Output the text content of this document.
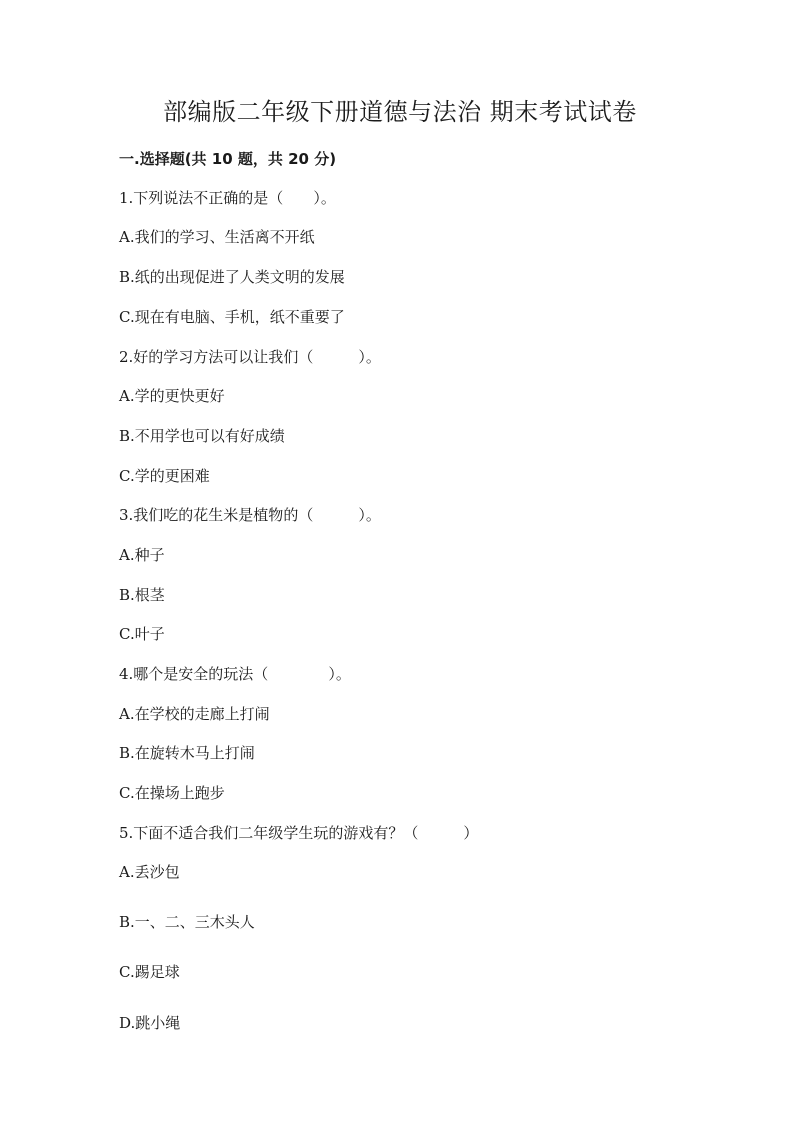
部编版二年级下册道德与法治 期末考试试卷
一.选择题(共 10 题，共 20 分)
1.下列说法不正确的是（　　）。
A.我们的学习、生活离不开纸
B.纸的出现促进了人类文明的发展
C.现在有电脑、手机，纸不重要了
2.好的学习方法可以让我们（　　　）。
A.学的更快更好
B.不用学也可以有好成绩
C.学的更困难
3.我们吃的花生米是植物的（　　　）。
A.种子
B.根茎
C.叶子
4.哪个是安全的玩法（　　　　）。
A.在学校的走廊上打闹
B.在旋转木马上打闹
C.在操场上跑步
5.下面不适合我们二年级学生玩的游戏有？（　　　）
A.丢沙包
B.一、二、三木头人
C.踢足球
D.跳小绳
